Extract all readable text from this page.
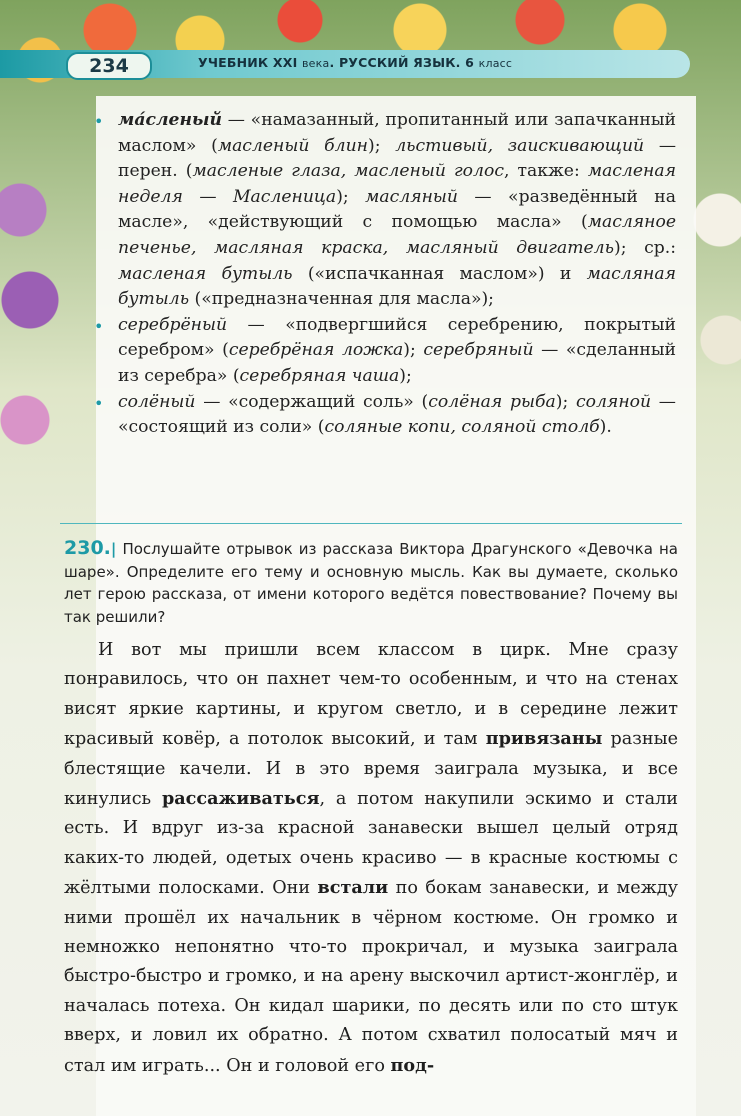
234	УЧЕБНИК XXI века. РУССКИЙ ЯЗЫК. 6 класс

• ма́сленый — «намазанный, пропитанный или запачканный маслом» (масленый блин); льстивый, заискивающий — перен. (масленые глаза, масленый голос, также: масленая неделя — Масленица); масляный — «разведённый на масле», «действующий с помощью масла» (масляное печенье, масляная краска, масляный двигатель); ср.: масленая бутыль («испачканная маслом») и масляная бутыль («предназначенная для масла»);

• серебрёный — «подвергшийся серебрению, покрытый серебром» (серебрёная ложка); серебряный — «сделанный из серебра» (серебряная чаша);

• солёный — «содержащий соль» (солёная рыба); соляной — «состоящий из соли» (соляные копи, соляной столб).

230.| Послушайте отрывок из рассказа Виктора Драгунского «Девочка на шаре». Определите его тему и основную мысль. Как вы думаете, сколько лет герою рассказа, от имени которого ведётся повествование? Почему вы так решили?

И вот мы пришли всем классом в цирк. Мне сразу понравилось, что он пахнет чем-то особенным, и что на стенах висят яркие картины, и кругом светло, и в середине лежит красивый ковёр, а потолок высокий, и там привязаны разные блестящие качели. И в это время заиграла музыка, и все кинулись рассаживаться, а потом накупили эскимо и стали есть. И вдруг из-за красной занавески вышел целый отряд каких-то людей, одетых очень красиво — в красные костюмы с жёлтыми полосками. Они встали по бокам занавески, и между ними прошёл их начальник в чёрном костюме. Он громко и немножко непонятно что-то прокричал, и музыка заиграла быстро-быстро и громко, и на арену выскочил артист-жонглёр, и началась потеха. Он кидал шарики, по десять или по сто штук вверх, и ловил их обратно. А потом схватил полосатый мяч и стал им играть... Он и головой его под-
